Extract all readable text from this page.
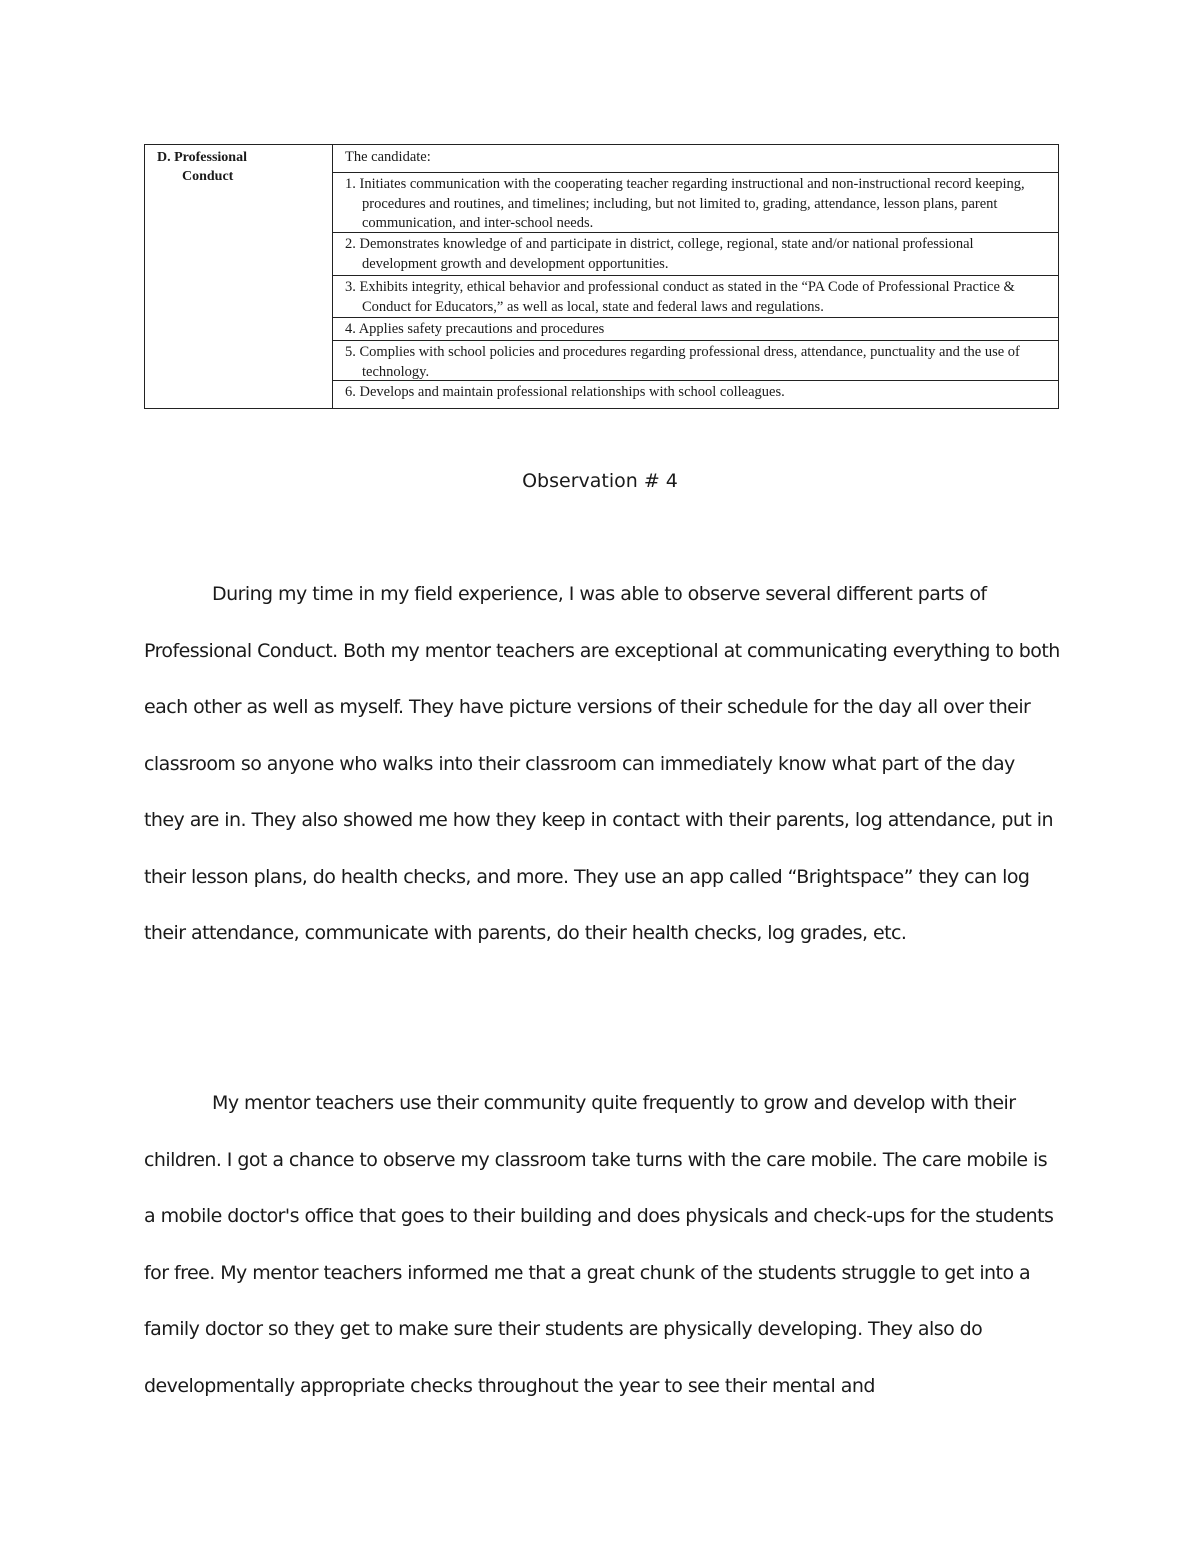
D. Professional
Conduct
The candidate:
1. Initiates communication with the cooperating teacher regarding instructional and non-instructional record keeping, procedures and routines, and timelines; including, but not limited to, grading, attendance, lesson plans, parent communication, and inter-school needs.
2. Demonstrates knowledge of and participate in district, college, regional, state and/or national professional development growth and development opportunities.
3. Exhibits integrity, ethical behavior and professional conduct as stated in the “PA Code of Professional Practice & Conduct for Educators,” as well as local, state and federal laws and regulations.
4. Applies safety precautions and procedures
5. Complies with school policies and procedures regarding professional dress, attendance, punctuality and the use of technology.
6. Develops and maintain professional relationships with school colleagues.
Observation # 4

During my time in my field experience, I was able to observe several different parts of Professional Conduct. Both my mentor teachers are exceptional at communicating everything to both each other as well as myself. They have picture versions of their schedule for the day all over their classroom so anyone who walks into their classroom can immediately know what part of the day they are in. They also showed me how they keep in contact with their parents, log attendance, put in their lesson plans, do health checks, and more. They use an app called “Brightspace” they can log their attendance, communicate with parents, do their health checks, log grades, etc.

My mentor teachers use their community quite frequently to grow and develop with their children. I got a chance to observe my classroom take turns with the care mobile. The care mobile is a mobile doctor's office that goes to their building and does physicals and check-ups for the students for free. My mentor teachers informed me that a great chunk of the students struggle to get into a family doctor so they get to make sure their students are physically developing. They also do developmentally appropriate checks throughout the year to see their mental and
